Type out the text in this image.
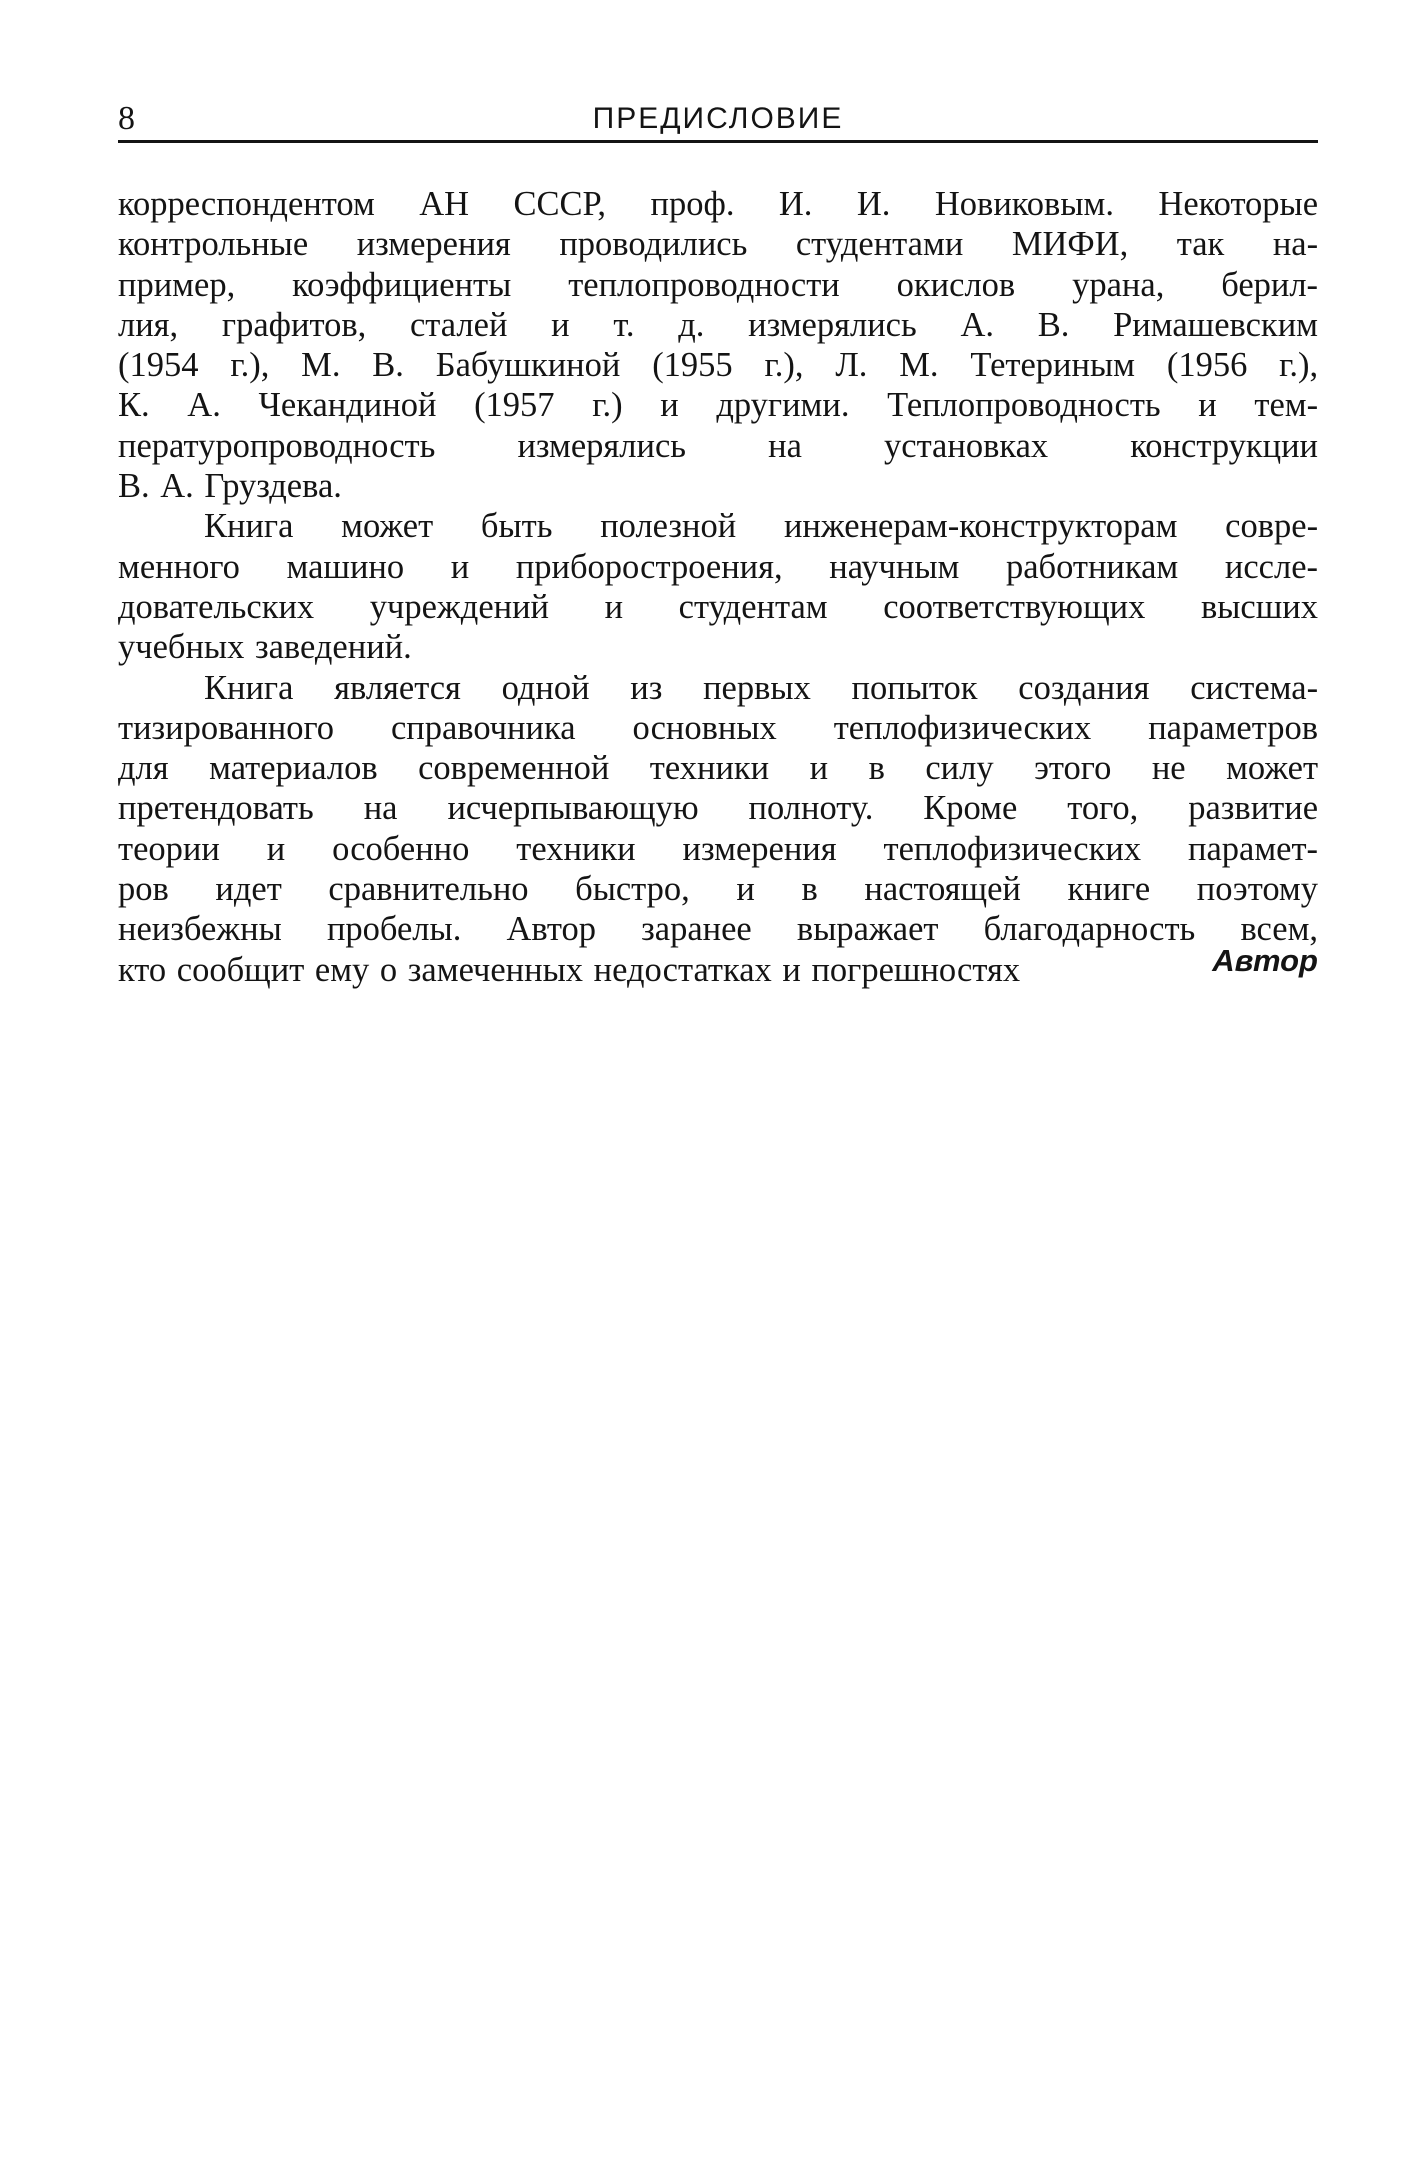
8	ПРЕДИСЛОВИЕ
корреспондентом АН СССР, проф. И. И. Новиковым. Некоторые
контрольные измерения проводились студентами МИФИ, так на-
пример, коэффициенты теплопроводности окислов урана, берил-
лия, графитов, сталей и т. д. измерялись А. В. Римашевским
(1954 г.), М. В. Бабушкиной (1955 г.), Л. М. Тетериным (1956 г.),
К. А. Чекандиной (1957 г.) и другими. Теплопроводность и тем-
пературопроводность измерялись на установках конструкции
В. А. Груздева.
Книга может быть полезной инженерам-конструкторам совре-
менного машино и приборостроения, научным работникам иссле-
довательских учреждений и студентам соответствующих высших
учебных заведений.
Книга является одной из первых попыток создания система-
тизированного справочника основных теплофизических параметров
для материалов современной техники и в силу этого не может
претендовать на исчерпывающую полноту. Кроме того, развитие
теории и особенно техники измерения теплофизических парамет-
ров идет сравнительно быстро, и в настоящей книге поэтому
неизбежны пробелы. Автор заранее выражает благодарность всем,
кто сообщит ему о замеченных недостатках и погрешностях	Автор
